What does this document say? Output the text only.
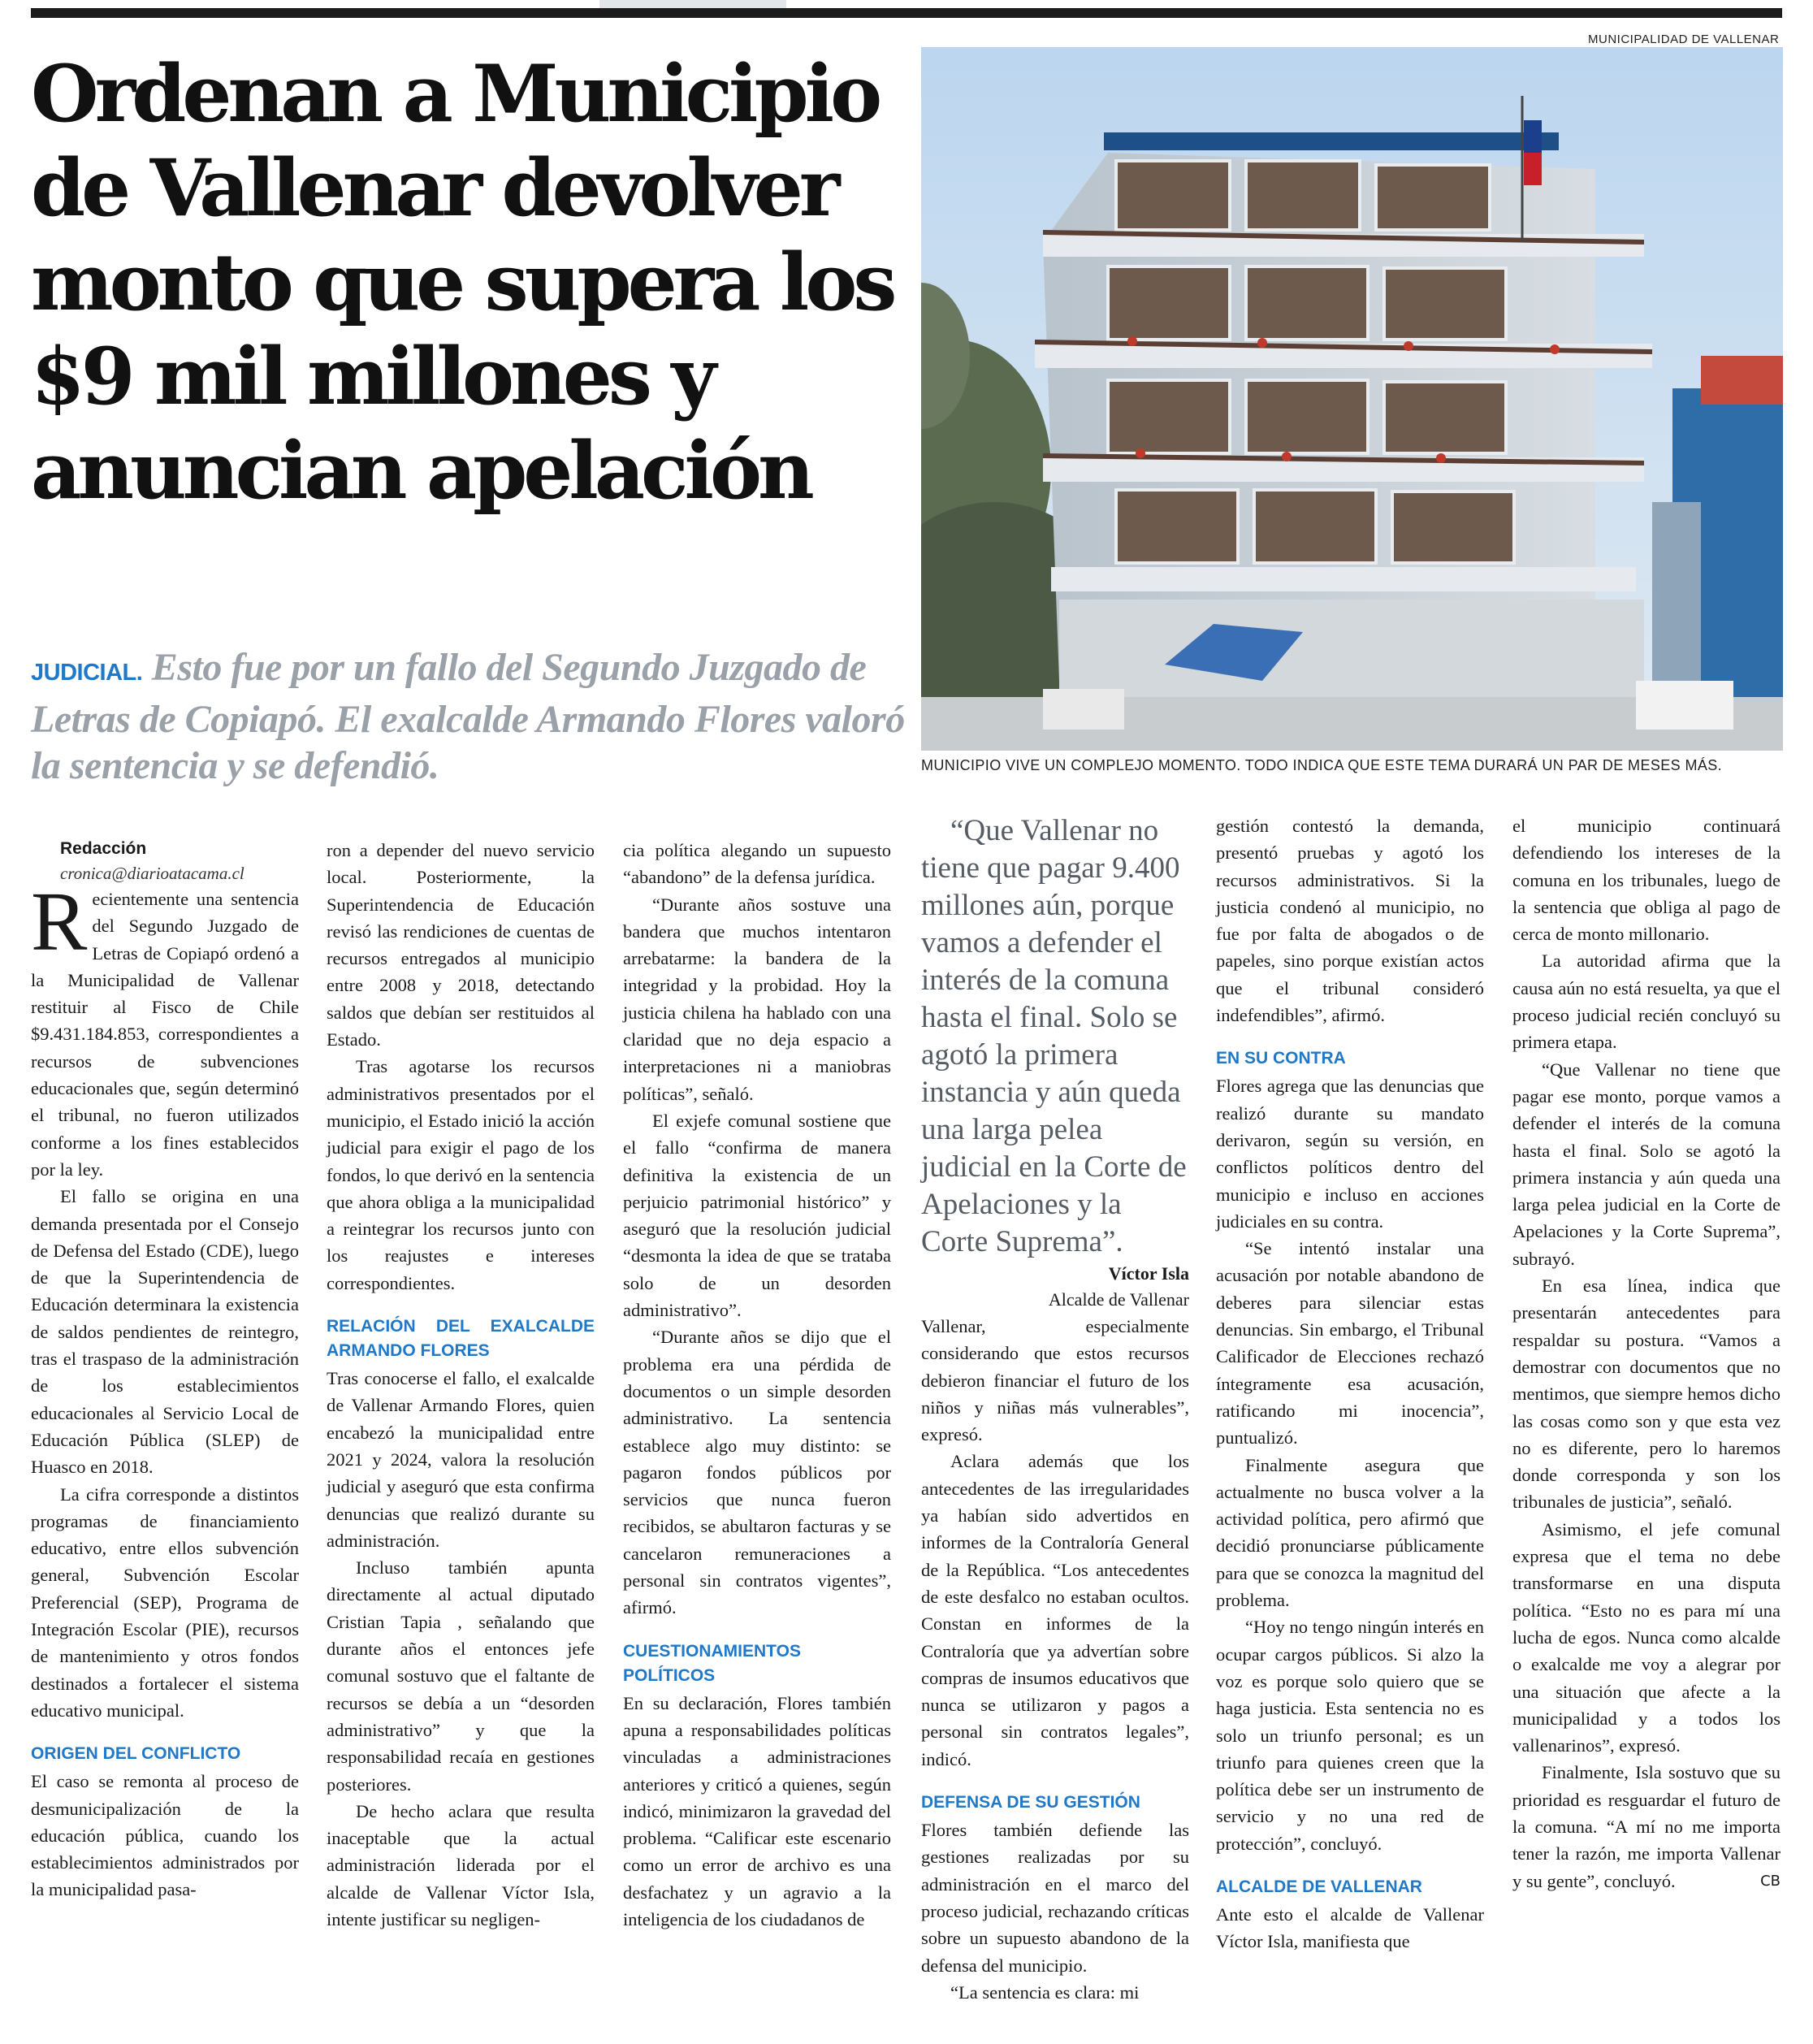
MUNICIPALIDAD DE VALLENAR
Ordenan a Municipio de Vallenar devolver monto que supera los $9 mil millones y anuncian apelación

JUDICIAL. Esto fue por un fallo del Segundo Juzgado de Letras de Copiapó. El exalcalde Armando Flores valoró la sentencia y se defendió.	MUNICIPIO VIVE UN COMPLEJO MOMENTO. TODO INDICA QUE ESTE TEMA DURARÁ UN PAR DE MESES MÁS.

Redacción

cronica@diarioatacama.cl

Recientemente una sentencia del Segundo Juzgado de Letras de Copiapó ordenó a la Municipalidad de Vallenar restituir al Fisco de Chile $9.431.184.853, correspondientes a recursos de subvenciones educacionales que, según determinó el tribunal, no fueron utilizados conforme a los fines establecidos por la ley.

El fallo se origina en una demanda presentada por el Consejo de Defensa del Estado (CDE), luego de que la Superintendencia de Educación determinara la existencia de saldos pendientes de reintegro, tras el traspaso de la administración de los establecimientos educacionales al Servicio Local de Educación Pública (SLEP) de Huasco en 2018.

La cifra corresponde a distintos programas de financiamiento educativo, entre ellos subvención general, Subvención Escolar Preferencial (SEP), Programa de Integración Escolar (PIE), recursos de mantenimiento y otros fondos destinados a fortalecer el sistema educativo municipal.

ORIGEN DEL CONFLICTO

El caso se remonta al proceso de desmunicipalización de la educación pública, cuando los establecimientos administrados por la municipalidad pasa-

ron a depender del nuevo servicio local. Posteriormente, la Superintendencia de Educación revisó las rendiciones de cuentas de recursos entregados al municipio entre 2008 y 2018, detectando saldos que debían ser restituidos al Estado.

Tras agotarse los recursos administrativos presentados por el municipio, el Estado inició la acción judicial para exigir el pago de los fondos, lo que derivó en la sentencia que ahora obliga a la municipalidad a reintegrar los recursos junto con los reajustes e intereses correspondientes.

RELACIÓN DEL EXALCALDE ARMANDO FLORES

Tras conocerse el fallo, el exalcalde de Vallenar Armando Flores, quien encabezó la municipalidad entre 2021 y 2024, valora la resolución judicial y aseguró que esta confirma denuncias que realizó durante su administración.

Incluso también apunta directamente al actual diputado Cristian Tapia , señalando que durante años el entonces jefe comunal sostuvo que el faltante de recursos se debía a un “desorden administrativo” y que la responsabilidad recaía en gestiones posteriores.

De hecho aclara que resulta inaceptable que la actual administración liderada por el alcalde de Vallenar Víctor Isla, intente justificar su negligen-

cia política alegando un supuesto “abandono” de la defensa jurídica.

“Durante años sostuve una bandera que muchos intentaron arrebatarme: la bandera de la integridad y la probidad. Hoy la justicia chilena ha hablado con una claridad que no deja espacio a interpretaciones ni a maniobras políticas”, señaló.

El exjefe comunal sostiene que el fallo “confirma de manera definitiva la existencia de un perjuicio patrimonial histórico” y aseguró que la resolución judicial “desmonta la idea de que se trataba solo de un desorden administrativo”.

“Durante años se dijo que el problema era una pérdida de documentos o un simple desorden administrativo. La sentencia establece algo muy distinto: se pagaron fondos públicos por servicios que nunca fueron recibidos, se abultaron facturas y se cancelaron remuneraciones a personal sin contratos vigentes”, afirmó.

CUESTIONAMIENTOS POLÍTICOS

En su declaración, Flores también apuna a responsabilidades políticas vinculadas a administraciones anteriores y criticó a quienes, según indicó, minimizaron la gravedad del problema. “Calificar este escenario como un error de archivo es una desfachatez y un agravio a la inteligencia de los ciudadanos de

“Que Vallenar no tiene que pagar 9.400 millones aún, porque vamos a defender el interés de la comuna hasta el final. Solo se agotó la primera instancia y aún queda una larga pelea judicial en la Corte de Apelaciones y la Corte Suprema”.

Víctor Isla

Alcalde de Vallenar

Vallenar, especialmente considerando que estos recursos debieron financiar el futuro de los niños y niñas más vulnerables”, expresó.

Aclara además que los antecedentes de las irregularidades ya habían sido advertidos en informes de la Contraloría General de la República. “Los antecedentes de este desfalco no estaban ocultos. Constan en informes de la Contraloría que ya advertían sobre compras de insumos educativos que nunca se utilizaron y pagos a personal sin contratos legales”, indicó.

DEFENSA DE SU GESTIÓN

Flores también defiende las gestiones realizadas por su administración en el marco del proceso judicial, rechazando críticas sobre un supuesto abandono de la defensa del municipio.

“La sentencia es clara: mi

gestión contestó la demanda, presentó pruebas y agotó los recursos administrativos. Si la justicia condenó al municipio, no fue por falta de abogados o de papeles, sino porque existían actos que el tribunal consideró indefendibles”, afirmó.

EN SU CONTRA

Flores agrega que las denuncias que realizó durante su mandato derivaron, según su versión, en conflictos políticos dentro del municipio e incluso en acciones judiciales en su contra.

“Se intentó instalar una acusación por notable abandono de deberes para silenciar estas denuncias. Sin embargo, el Tribunal Calificador de Elecciones rechazó íntegramente esa acusación, ratificando mi inocencia”, puntualizó.

Finalmente asegura que actualmente no busca volver a la actividad política, pero afirmó que decidió pronunciarse públicamente para que se conozca la magnitud del problema.

“Hoy no tengo ningún interés en ocupar cargos públicos. Si alzo la voz es porque solo quiero que se haga justicia. Esta sentencia no es solo un triunfo personal; es un triunfo para quienes creen que la política debe ser un instrumento de servicio y no una red de protección”, concluyó.

ALCALDE DE VALLENAR

Ante esto el alcalde de Vallenar Víctor Isla, manifiesta que

el municipio continuará defendiendo los intereses de la comuna en los tribunales, luego de la sentencia que obliga al pago de cerca de monto millonario.

La autoridad afirma que la causa aún no está resuelta, ya que el proceso judicial recién concluyó su primera etapa.

“Que Vallenar no tiene que pagar ese monto, porque vamos a defender el interés de la comuna hasta el final. Solo se agotó la primera instancia y aún queda una larga pelea judicial en la Corte de Apelaciones y la Corte Suprema”, subrayó.

En esa línea, indica que presentarán antecedentes para respaldar su postura. “Vamos a demostrar con documentos que no mentimos, que siempre hemos dicho las cosas como son y que esta vez no es diferente, pero lo haremos donde corresponda y son los tribunales de justicia”, señaló.

Asimismo, el jefe comunal expresa que el tema no debe transformarse en una disputa política. “Esto no es para mí una lucha de egos. Nunca como alcalde o exalcalde me voy a alegrar por una situación que afecte a la municipalidad y a todos los vallenarinos”, expresó.

Finalmente, Isla sostuvo que su prioridad es resguardar el futuro de la comuna. “A mí no me importa tener la razón, me importa Vallenar y su gente”, concluyó.	CB
